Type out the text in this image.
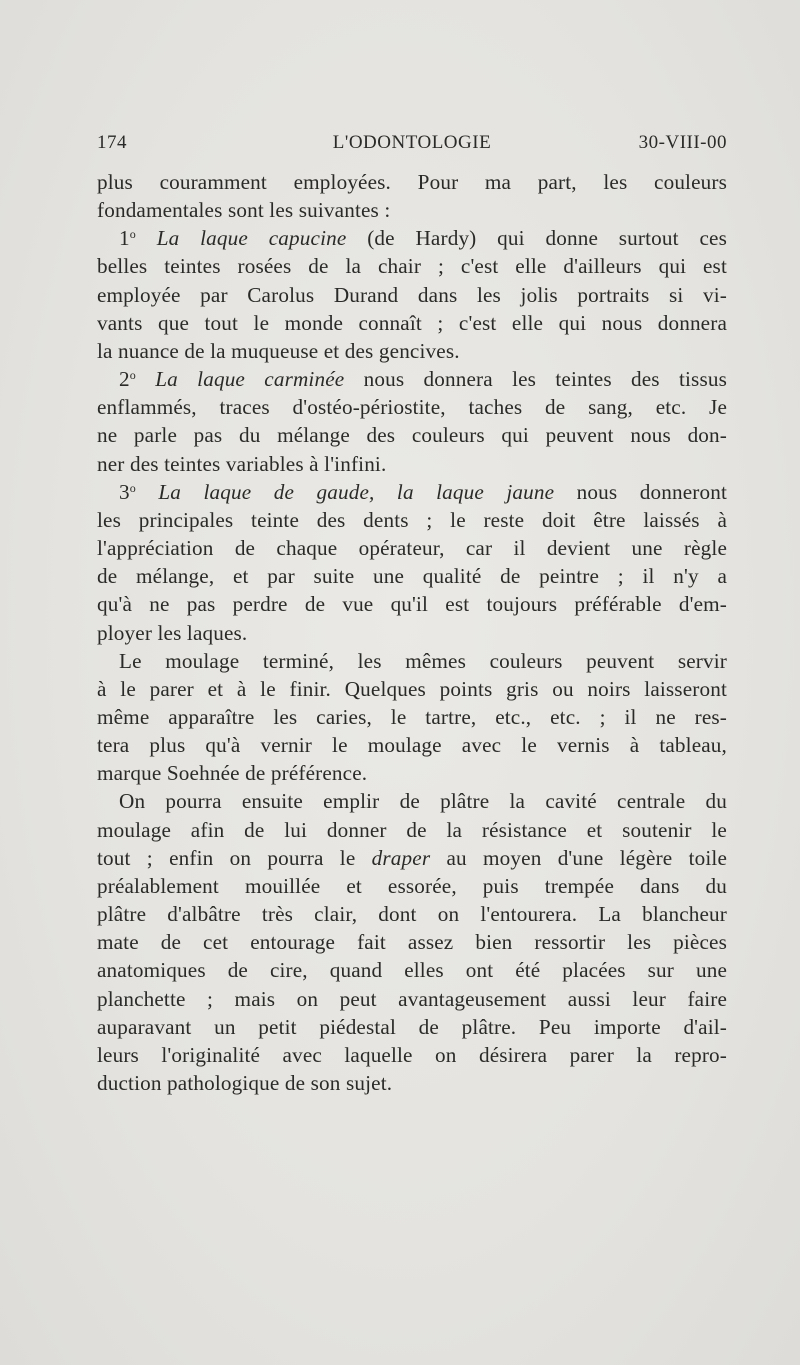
174	L'ODONTOLOGIE	30-VIII-00

plus couramment employées. Pour ma part, les couleurs
fondamentales sont les suivantes :

1$^o$ La laque capucine (de Hardy) qui donne surtout ces
belles teintes rosées de la chair ; c'est elle d'ailleurs qui est
employée par Carolus Durand dans les jolis portraits si vi-
vants que tout le monde connaît ; c'est elle qui nous donnera
la nuance de la muqueuse et des gencives.

2$^o$ La laque carminée nous donnera les teintes des tissus
enflammés, traces d'ostéo-périostite, taches de sang, etc. Je
ne parle pas du mélange des couleurs qui peuvent nous don-
ner des teintes variables à l'infini.

3$^o$ La laque de gaude, la laque jaune nous donneront
les principales teinte des dents ; le reste doit être laissés à
l'appréciation de chaque opérateur, car il devient une règle
de mélange, et par suite une qualité de peintre ; il n'y a
qu'à ne pas perdre de vue qu'il est toujours préférable d'em-
ployer les laques.

Le moulage terminé, les mêmes couleurs peuvent servir
à le parer et à le finir. Quelques points gris ou noirs laisseront
même apparaître les caries, le tartre, etc., etc. ; il ne res-
tera plus qu'à vernir le moulage avec le vernis à tableau,
marque Soehnée de préférence.

On pourra ensuite emplir de plâtre la cavité centrale du
moulage afin de lui donner de la résistance et soutenir le
tout ; enfin on pourra le draper au moyen d'une légère toile
préalablement mouillée et essorée, puis trempée dans du
plâtre d'albâtre très clair, dont on l'entourera. La blancheur
mate de cet entourage fait assez bien ressortir les pièces
anatomiques de cire, quand elles ont été placées sur une
planchette ; mais on peut avantageusement aussi leur faire
auparavant un petit piédestal de plâtre. Peu importe d'ail-
leurs l'originalité avec laquelle on désirera parer la repro-
duction pathologique de son sujet.
